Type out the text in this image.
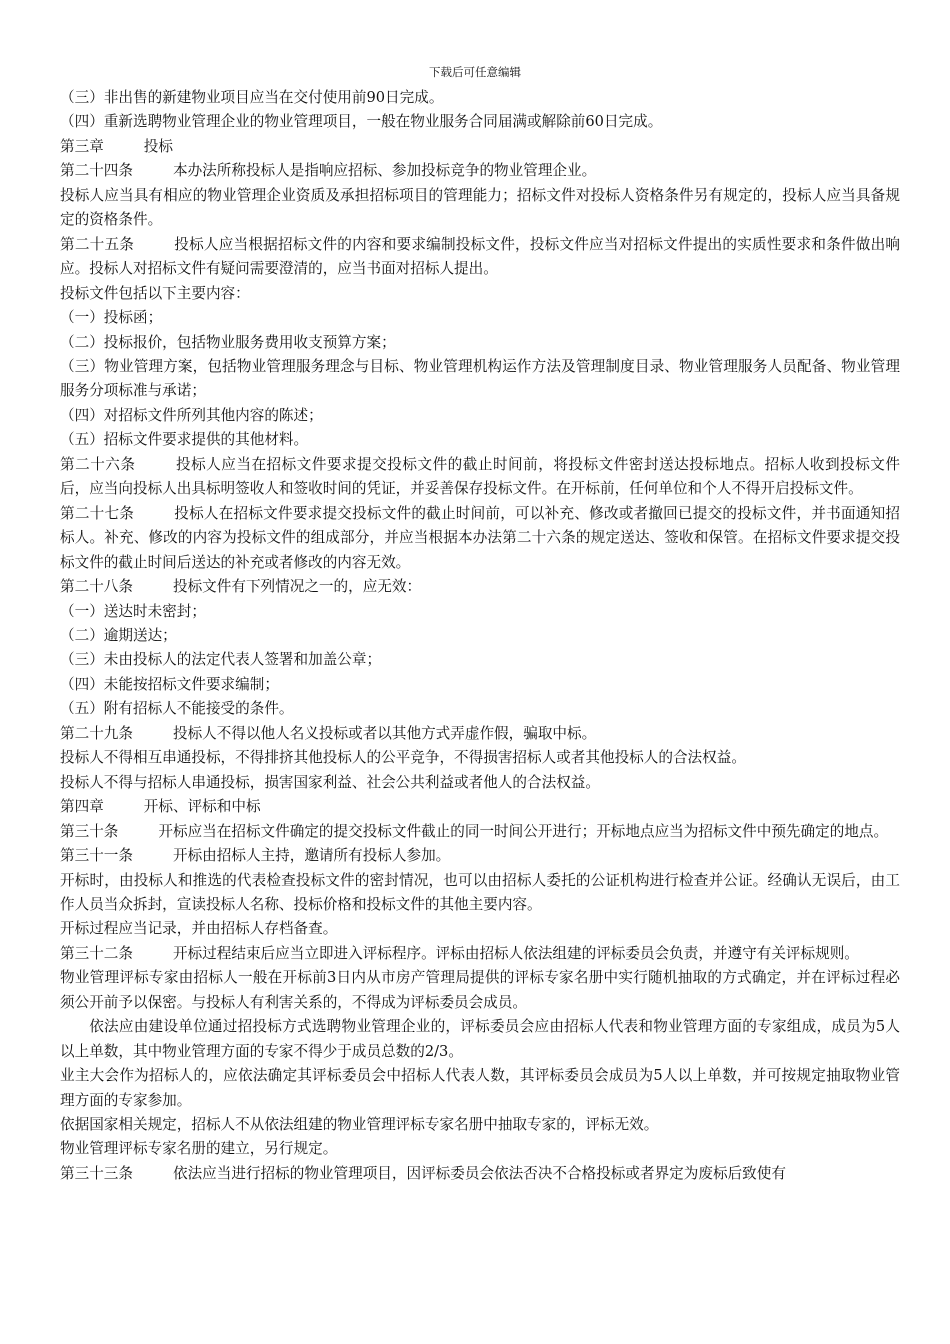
下载后可任意编辑
（三）非出售的新建物业项目应当在交付使用前90日完成。
（四）重新选聘物业管理企业的物业管理项目，一般在物业服务合同届满或解除前60日完成。
第三章	投标
第二十四条	本办法所称投标人是指响应招标、参加投标竞争的物业管理企业。
投标人应当具有相应的物业管理企业资质及承担招标项目的管理能力；招标文件对投标人资格条件另有规定的，投标人应当具备规定的资格条件。
第二十五条	投标人应当根据招标文件的内容和要求编制投标文件，投标文件应当对招标文件提出的实质性要求和条件做出响应。投标人对招标文件有疑问需要澄清的，应当书面对招标人提出。
投标文件包括以下主要内容：
（一）投标函；
（二）投标报价，包括物业服务费用收支预算方案；
（三）物业管理方案，包括物业管理服务理念与目标、物业管理机构运作方法及管理制度目录、物业管理服务人员配备、物业管理服务分项标准与承诺；
（四）对招标文件所列其他内容的陈述；
（五）招标文件要求提供的其他材料。
第二十六条	投标人应当在招标文件要求提交投标文件的截止时间前，将投标文件密封送达投标地点。招标人收到投标文件后，应当向投标人出具标明签收人和签收时间的凭证，并妥善保存投标文件。在开标前，任何单位和个人不得开启投标文件。
第二十七条	投标人在招标文件要求提交投标文件的截止时间前，可以补充、修改或者撤回已提交的投标文件，并书面通知招标人。补充、修改的内容为投标文件的组成部分，并应当根据本办法第二十六条的规定送达、签收和保管。在招标文件要求提交投标文件的截止时间后送达的补充或者修改的内容无效。
第二十八条	投标文件有下列情况之一的，应无效：
（一）送达时未密封；
（二）逾期送达；
（三）未由投标人的法定代表人签署和加盖公章；
（四）未能按招标文件要求编制；
（五）附有招标人不能接受的条件。
第二十九条	投标人不得以他人名义投标或者以其他方式弄虚作假，骗取中标。
投标人不得相互串通投标，不得排挤其他投标人的公平竞争，不得损害招标人或者其他投标人的合法权益。
投标人不得与招标人串通投标，损害国家利益、社会公共利益或者他人的合法权益。
第四章	开标、评标和中标
第三十条	开标应当在招标文件确定的提交投标文件截止的同一时间公开进行；开标地点应当为招标文件中预先确定的地点。
第三十一条	开标由招标人主持，邀请所有投标人参加。
开标时，由投标人和推选的代表检查投标文件的密封情况，也可以由招标人委托的公证机构进行检查并公证。经确认无误后，由工作人员当众拆封，宣读投标人名称、投标价格和投标文件的其他主要内容。
开标过程应当记录，并由招标人存档备查。
第三十二条	开标过程结束后应当立即进入评标程序。评标由招标人依法组建的评标委员会负责，并遵守有关评标规则。
物业管理评标专家由招标人一般在开标前3日内从市房产管理局提供的评标专家名册中实行随机抽取的方式确定，并在评标过程必须公开前予以保密。与投标人有利害关系的，不得成为评标委员会成员。
依法应由建设单位通过招投标方式选聘物业管理企业的，评标委员会应由招标人代表和物业管理方面的专家组成，成员为5人以上单数，其中物业管理方面的专家不得少于成员总数的2/3。
业主大会作为招标人的，应依法确定其评标委员会中招标人代表人数，其评标委员会成员为5人以上单数，并可按规定抽取物业管理方面的专家参加。
依据国家相关规定，招标人不从依法组建的物业管理评标专家名册中抽取专家的，评标无效。
物业管理评标专家名册的建立，另行规定。
第三十三条	依法应当进行招标的物业管理项目，因评标委员会依法否决不合格投标或者界定为废标后致使有
